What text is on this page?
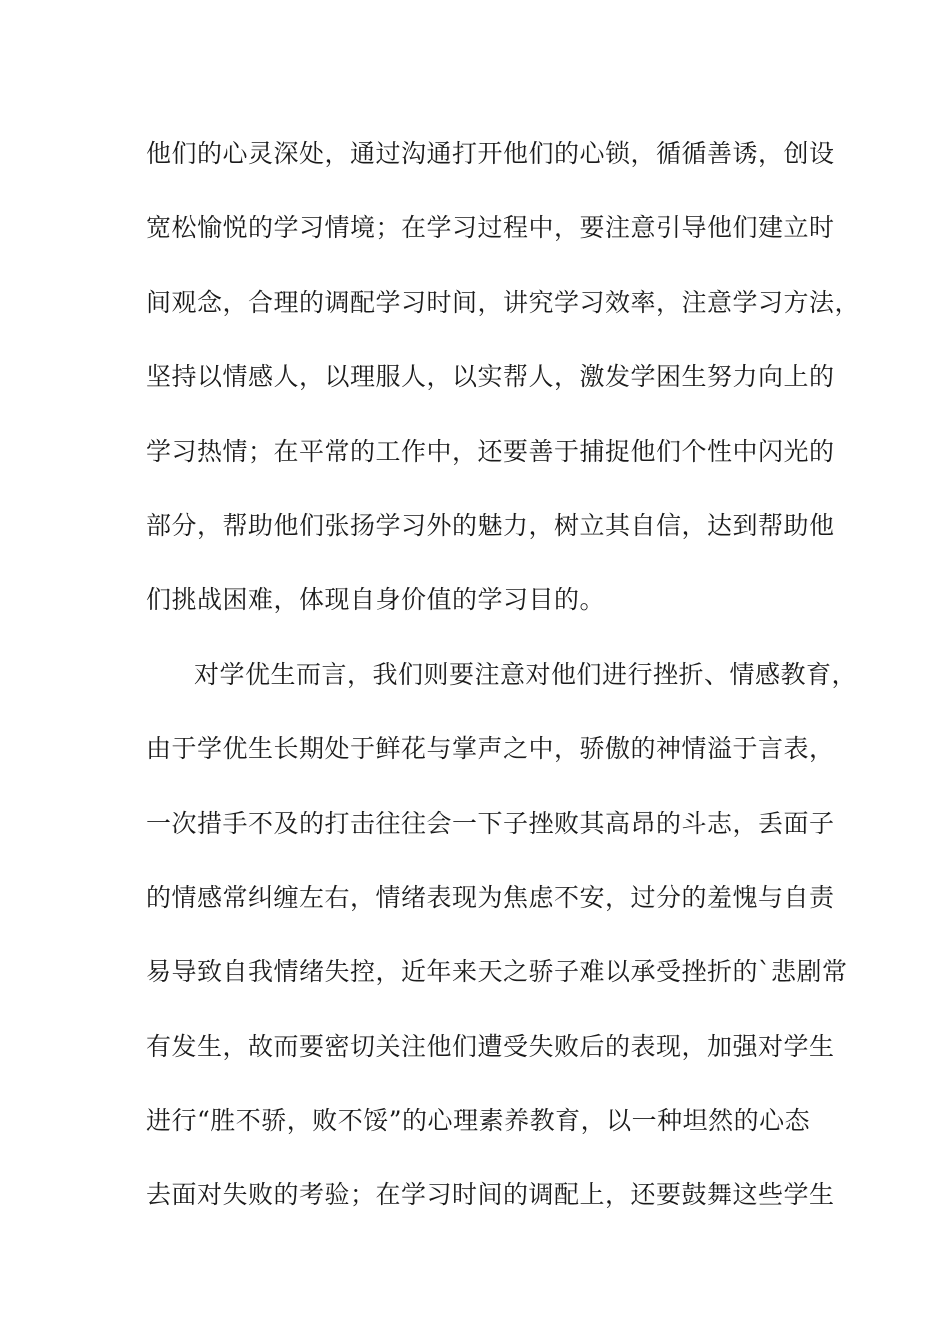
他们的心灵深处，通过沟通打开他们的心锁，循循善诱，创设
宽松愉悦的学习情境；在学习过程中，要注意引导他们建立时
间观念，合理的调配学习时间，讲究学习效率，注意学习方法，
坚持以情感人，以理服人，以实帮人，激发学困生努力向上的
学习热情；在平常的工作中，还要善于捕捉他们个性中闪光的
部分，帮助他们张扬学习外的魅力，树立其自信，达到帮助他
们挑战困难，体现自身价值的学习目的。
对学优生而言，我们则要注意对他们进行挫折、情感教育，
由于学优生长期处于鲜花与掌声之中，骄傲的神情溢于言表，
一次措手不及的打击往往会一下子挫败其高昂的斗志，丢面子
的情感常纠缠左右，情绪表现为焦虑不安，过分的羞愧与自责
易导致自我情绪失控，近年来天之骄子难以承受挫折的`悲剧常
有发生，故而要密切关注他们遭受失败后的表现，加强对学生
进行“胜不骄，败不馁”的心理素养教育，以一种坦然的心态
去面对失败的考验；在学习时间的调配上，还要鼓舞这些学生
